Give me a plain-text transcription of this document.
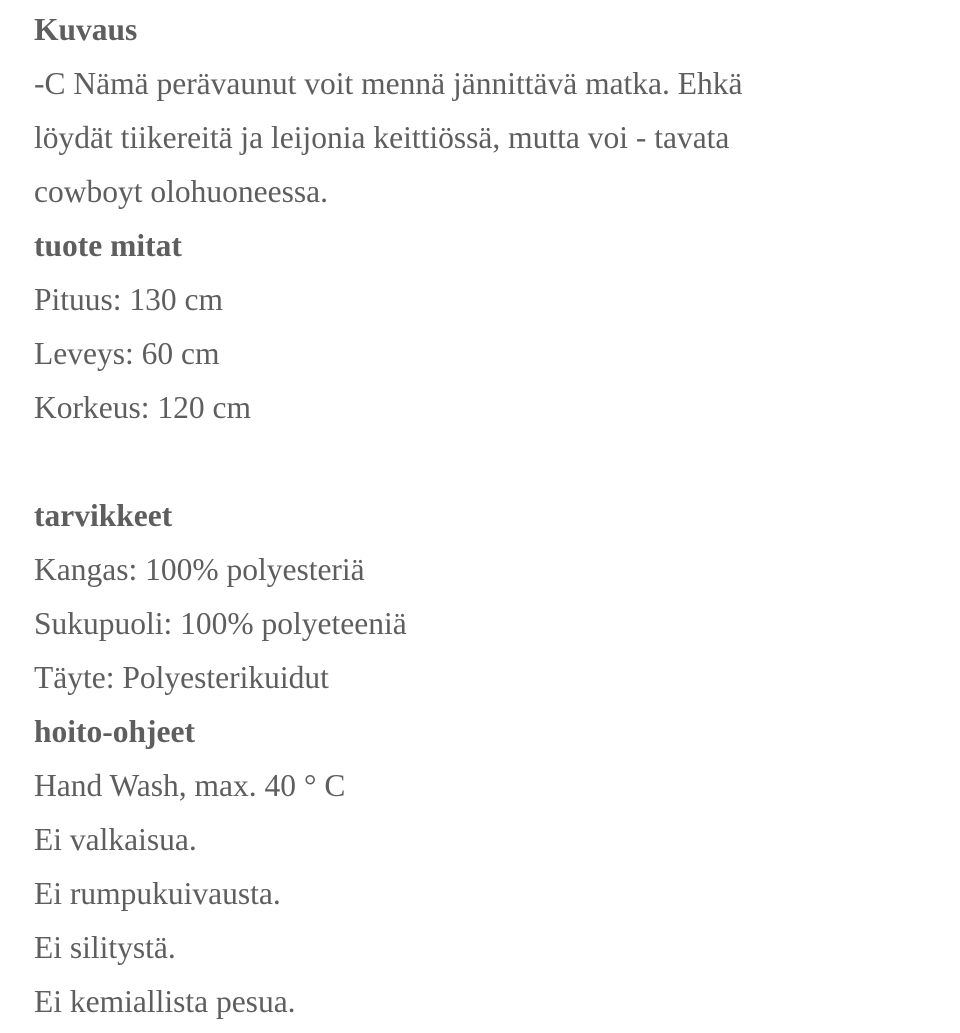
Kuvaus
-C Nämä perävaunut voit mennä jännittävä matka. Ehkä
löydät tiikereitä ja leijonia keittiössä, mutta voi - tavata
cowboyt olohuoneessa.
tuote mitat
Pituus: 130 cm
Leveys: 60 cm
Korkeus: 120 cm
tarvikkeet
Kangas: 100% polyesteriä
Sukupuoli: 100% polyeteeniä
Täyte: Polyesterikuidut
hoito-ohjeet
Hand Wash, max. 40 ° C
Ei valkaisua.
Ei rumpukuivausta.
Ei silitystä.
Ei kemiallista pesua.
